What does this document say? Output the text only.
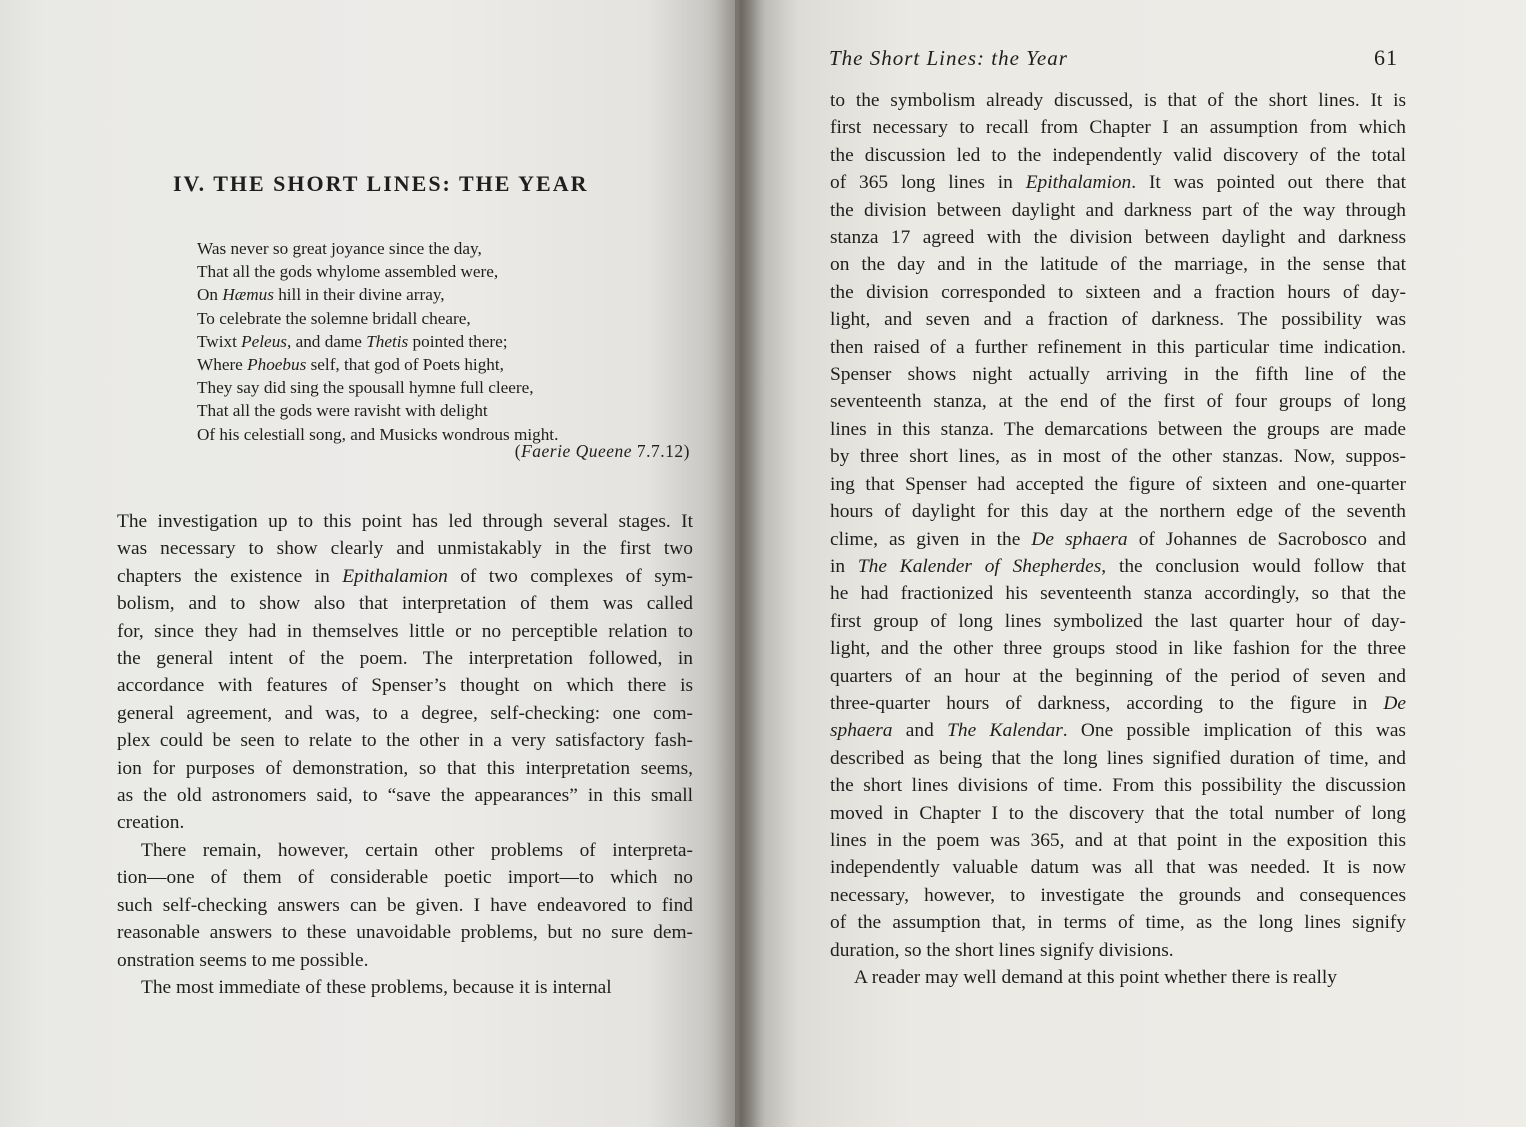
IV. THE SHORT LINES: THE YEAR
Was never so great joyance since the day,
That all the gods whylome assembled were,
On Hæmus hill in their divine array,
To celebrate the solemne bridall cheare,
Twixt Peleus, and dame Thetis pointed there;
Where Phoebus self, that god of Poets hight,
They say did sing the spousall hymne full cleere,
That all the gods were ravisht with delight
Of his celestiall song, and Musicks wondrous might.
(Faerie Queene 7.7.12)
The investigation up to this point has led through several stages. It
was necessary to show clearly and unmistakably in the first two
chapters the existence in Epithalamion of two complexes of sym-
bolism, and to show also that interpretation of them was called
for, since they had in themselves little or no perceptible relation to
the general intent of the poem. The interpretation followed, in
accordance with features of Spenser’s thought on which there is
general agreement, and was, to a degree, self-checking: one com-
plex could be seen to relate to the other in a very satisfactory fash-
ion for purposes of demonstration, so that this interpretation seems,
as the old astronomers said, to “save the appearances” in this small
creation.
There remain, however, certain other problems of interpreta-
tion—one of them of considerable poetic import—to which no
such self-checking answers can be given. I have endeavored to find
reasonable answers to these unavoidable problems, but no sure dem-
onstration seems to me possible.
The most immediate of these problems, because it is internal
The Short Lines: the Year	61
to the symbolism already discussed, is that of the short lines. It is
first necessary to recall from Chapter I an assumption from which
the discussion led to the independently valid discovery of the total
of 365 long lines in Epithalamion. It was pointed out there that
the division between daylight and darkness part of the way through
stanza 17 agreed with the division between daylight and darkness
on the day and in the latitude of the marriage, in the sense that
the division corresponded to sixteen and a fraction hours of day-
light, and seven and a fraction of darkness. The possibility was
then raised of a further refinement in this particular time indication.
Spenser shows night actually arriving in the fifth line of the
seventeenth stanza, at the end of the first of four groups of long
lines in this stanza. The demarcations between the groups are made
by three short lines, as in most of the other stanzas. Now, suppos-
ing that Spenser had accepted the figure of sixteen and one-quarter
hours of daylight for this day at the northern edge of the seventh
clime, as given in the De sphaera of Johannes de Sacrobosco and
in The Kalender of Shepherdes, the conclusion would follow that
he had fractionized his seventeenth stanza accordingly, so that the
first group of long lines symbolized the last quarter hour of day-
light, and the other three groups stood in like fashion for the three
quarters of an hour at the beginning of the period of seven and
three-quarter hours of darkness, according to the figure in De
sphaera and The Kalendar. One possible implication of this was
described as being that the long lines signified duration of time, and
the short lines divisions of time. From this possibility the discussion
moved in Chapter I to the discovery that the total number of long
lines in the poem was 365, and at that point in the exposition this
independently valuable datum was all that was needed. It is now
necessary, however, to investigate the grounds and consequences
of the assumption that, in terms of time, as the long lines signify
duration, so the short lines signify divisions.
A reader may well demand at this point whether there is really
